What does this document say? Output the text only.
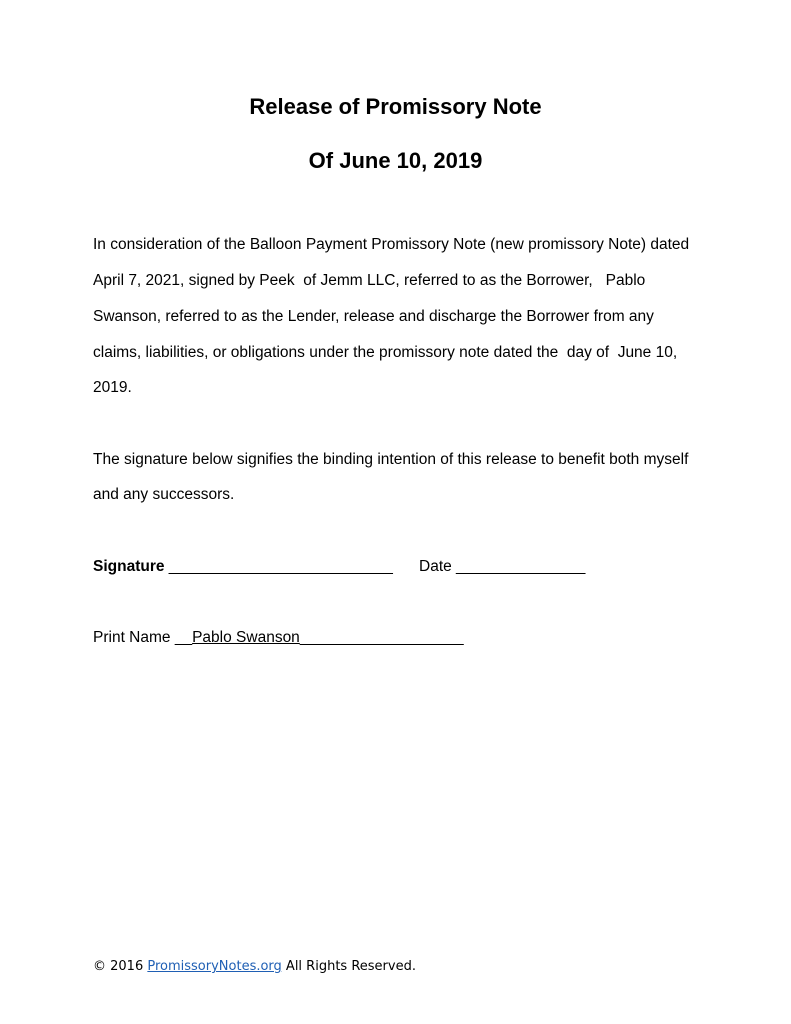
Release of Promissory Note
Of June 10, 2019

In consideration of the Balloon Payment Promissory Note (new promissory Note) dated

April 7, 2021, signed by Peek  of Jemm LLC, referred to as the Borrower,   Pablo

Swanson, referred to as the Lender, release and discharge the Borrower from any

claims, liabilities, or obligations under the promissory note dated the  day of  June 10,

2019.

The signature below signifies the binding intention of this release to benefit both myself

and any successors.

Signature __________________________ Date _______________
Print Name __Pablo Swanson___________________
© 2016 PromissoryNotes.org All Rights Reserved.
